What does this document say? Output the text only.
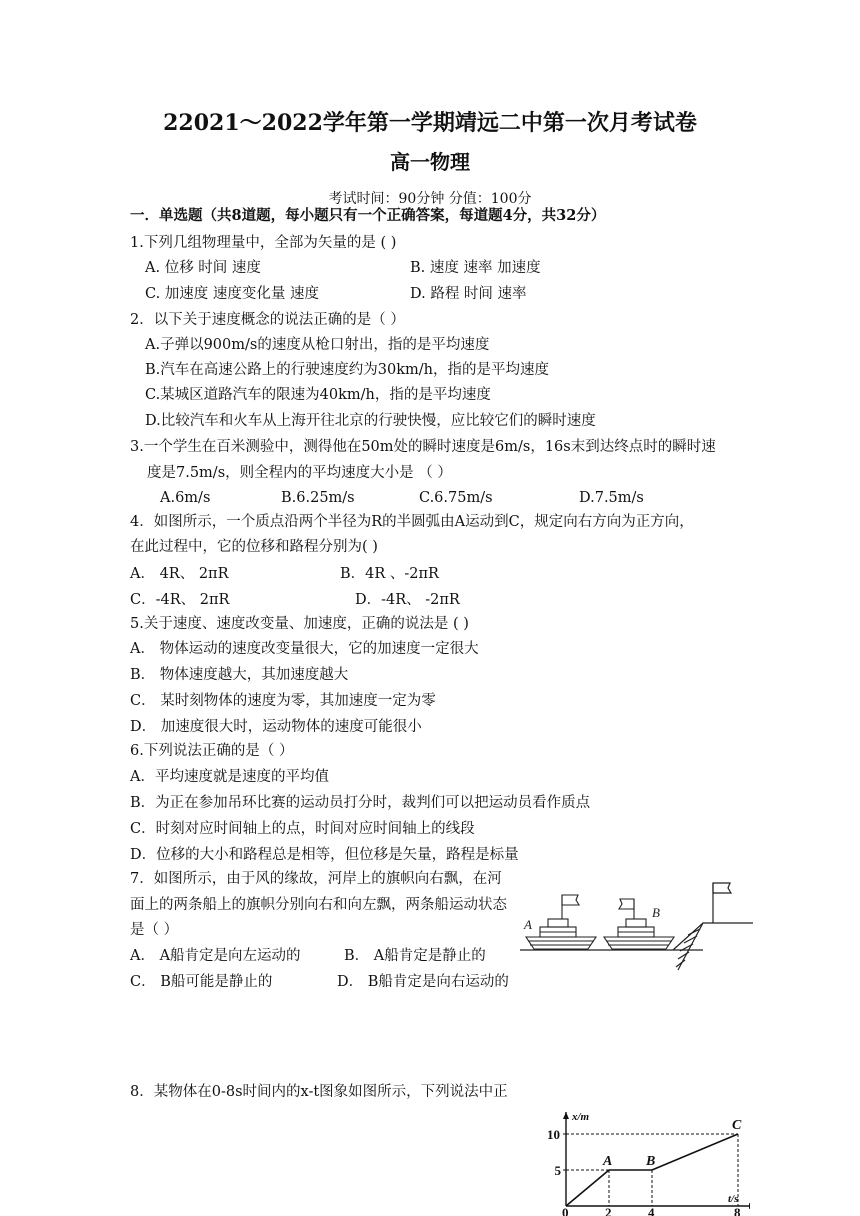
22021～2022学年第一学期靖远二中第一次月考试卷
高一物理
考试时间：90分钟 分值：100分
一．单选题（共8道题，每小题只有一个正确答案，每道题4分，共32分）
1.下列几组物理量中，全部为矢量的是 ( )
A. 位移 时间 速度	B. 速度 速率 加速度
C. 加速度 速度变化量 速度	D. 路程 时间 速率
2．以下关于速度概念的说法正确的是（ ）
A.子弹以900m/s的速度从枪口射出，指的是平均速度
B.汽车在高速公路上的行驶速度约为30km/h，指的是平均速度
C.某城区道路汽车的限速为40km/h，指的是平均速度
D.比较汽车和火车从上海开往北京的行驶快慢，应比较它们的瞬时速度
3.一个学生在百米测验中，测得他在50m处的瞬时速度是6m/s，16s末到达终点时的瞬时速
度是7.5m/s，则全程内的平均速度大小是 （ ）
A.6m/s	B.6.25m/s	C.6.75m/s	D.7.5m/s
4．如图所示，一个质点沿两个半径为R的半圆弧由A运动到C，规定向右方向为正方向，
在此过程中，它的位移和路程分别为( )
A． 4R、 2πR	B．4R 、-2πR
C．-4R、 2πR	D．-4R、 -2πR
5.关于速度、速度改变量、加速度，正确的说法是 ( )
A． 物体运动的速度改变量很大，它的加速度一定很大
B． 物体速度越大，其加速度越大
C． 某时刻物体的速度为零，其加速度一定为零
D． 加速度很大时，运动物体的速度可能很小
6.下列说法正确的是（ ）
A．平均速度就是速度的平均值
B．为正在参加吊环比赛的运动员打分时，裁判们可以把运动员看作质点
C．时刻对应时间轴上的点，时间对应时间轴上的线段
D．位移的大小和路程总是相等，但位移是矢量，路程是标量
7．如图所示，由于风的缘故，河岸上的旗帜向右飘，在河
面上的两条船上的旗帜分别向右和向左飘，两条船运动状态
是（ ）
A． A船肯定是向左运动的	B． A船肯定是静止的
C． B船可能是静止的	D． B船肯定是向右运动的
A
B
8．某物体在0-8s时间内的x-t图象如图所示，下列说法中正
x/m
t/s
A B
C
0	2	4	8
5
10
